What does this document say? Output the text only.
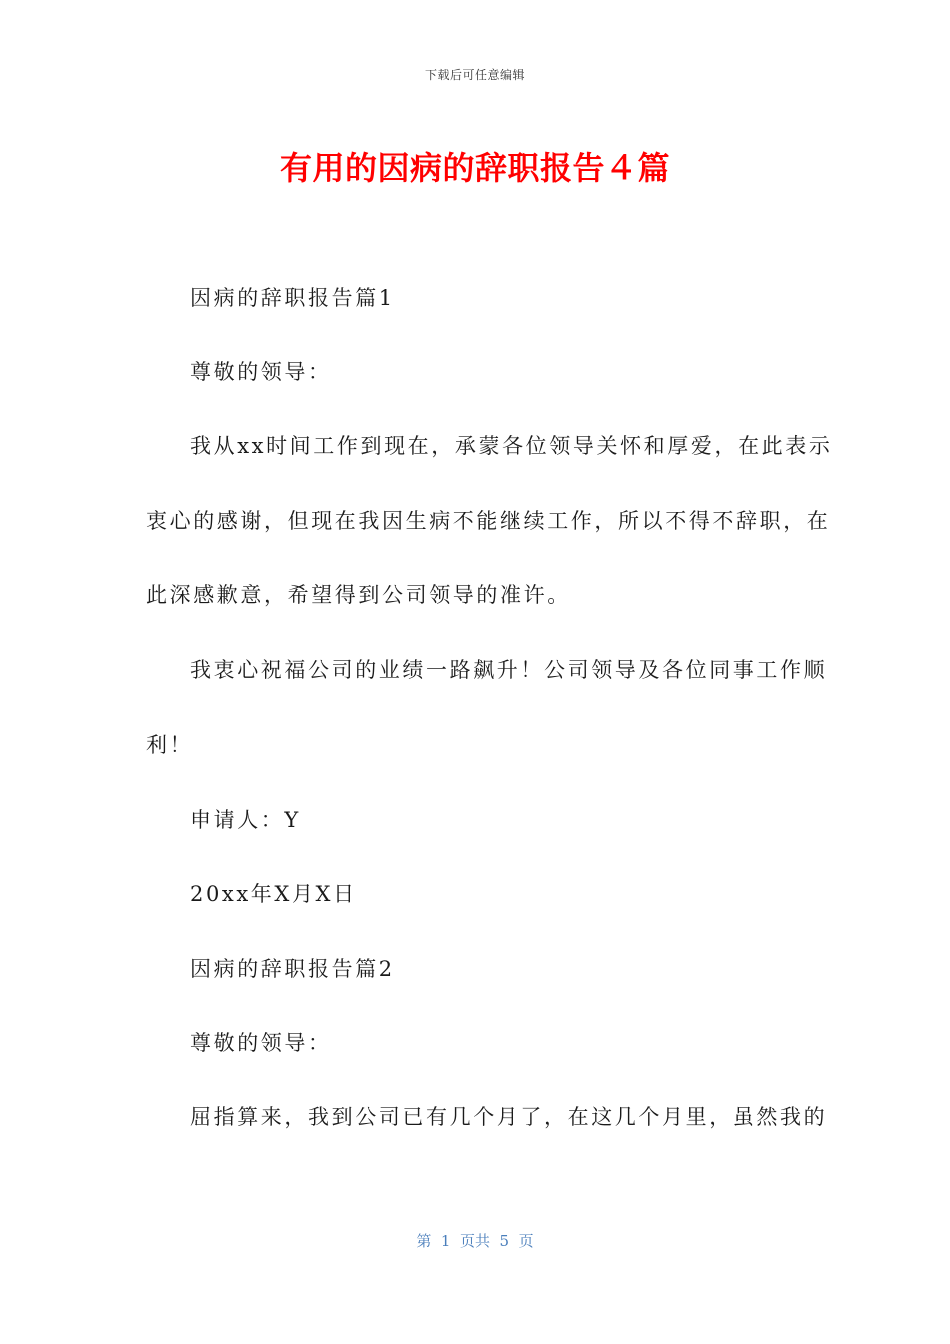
下载后可任意编辑
有用的因病的辞职报告４篇
因病的辞职报告篇1
尊敬的领导：
我从xx时间工作到现在，承蒙各位领导关怀和厚爱，在此表示
衷心的感谢，但现在我因生病不能继续工作，所以不得不辞职，在
此深感歉意，希望得到公司领导的准许。
我衷心祝福公司的业绩一路飙升！公司领导及各位同事工作顺
利！
申请人：Y
20xx年X月X日
因病的辞职报告篇2
尊敬的领导：
屈指算来，我到公司已有几个月了，在这几个月里，虽然我的
第  1  页共  5  页
